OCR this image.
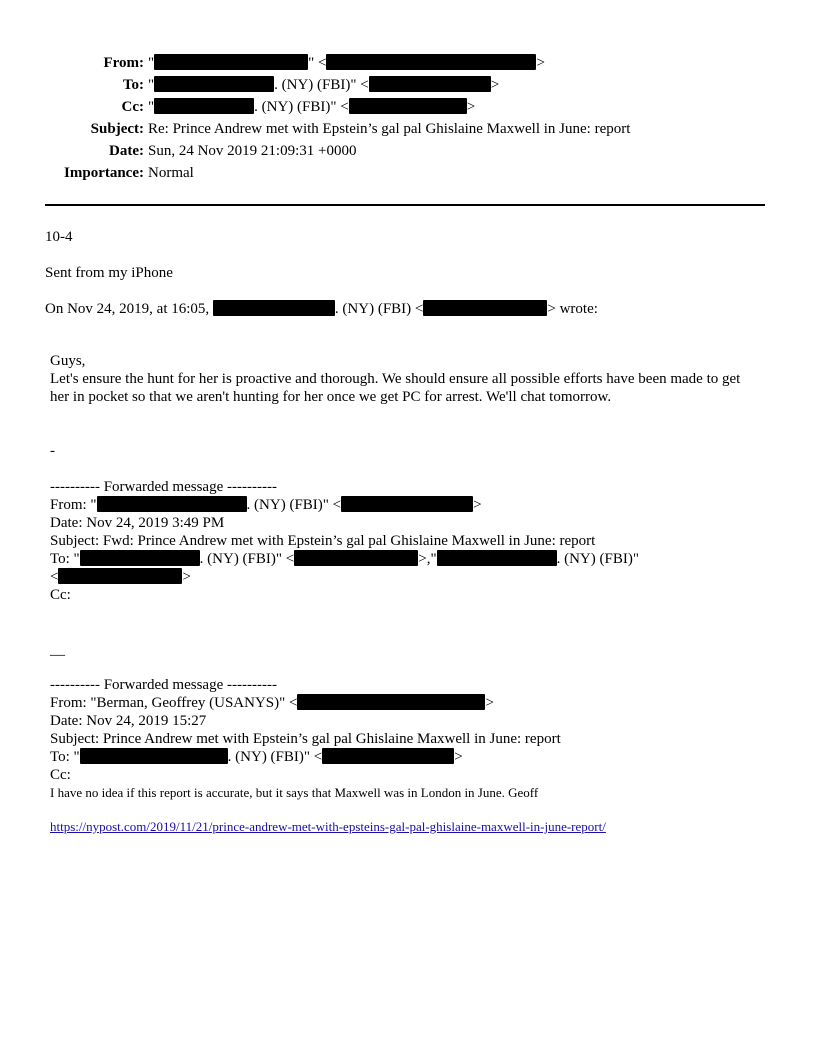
From: "	" <	>
To: "	. (NY) (FBI)" <	>
Cc: "	. (NY) (FBI)" <	>
Subject: Re: Prince Andrew met with Epstein’s gal pal Ghislaine Maxwell in June: report
Date: Sun, 24 Nov 2019 21:09:31 +0000
Importance: Normal
10-4
Sent from my iPhone
On Nov 24, 2019, at 16:05,	. (NY) (FBI) <	> wrote:
Guys,
Let's ensure the hunt for her is proactive and thorough. We should ensure all possible efforts have been made to get her in pocket so that we aren't hunting for her once we get PC for arrest. We'll chat tomorrow.
-
---------- Forwarded message ----------
From: "	. (NY) (FBI)" <	>
Date: Nov 24, 2019 3:49 PM
Subject: Fwd: Prince Andrew met with Epstein’s gal pal Ghislaine Maxwell in June: report
To: "	. (NY) (FBI)" <	>,"	. (NY) (FBI)"
<	>
Cc:
—
---------- Forwarded message ----------
From: "Berman, Geoffrey (USANYS)" <	>
Date: Nov 24, 2019 15:27
Subject: Prince Andrew met with Epstein’s gal pal Ghislaine Maxwell in June: report
To: "	. (NY) (FBI)" <	>
Cc:
I have no idea if this report is accurate, but it says that Maxwell was in London in June. Geoff
https://nypost.com/2019/11/21/prince-andrew-met-with-epsteins-gal-pal-ghislaine-maxwell-in-june-report/
